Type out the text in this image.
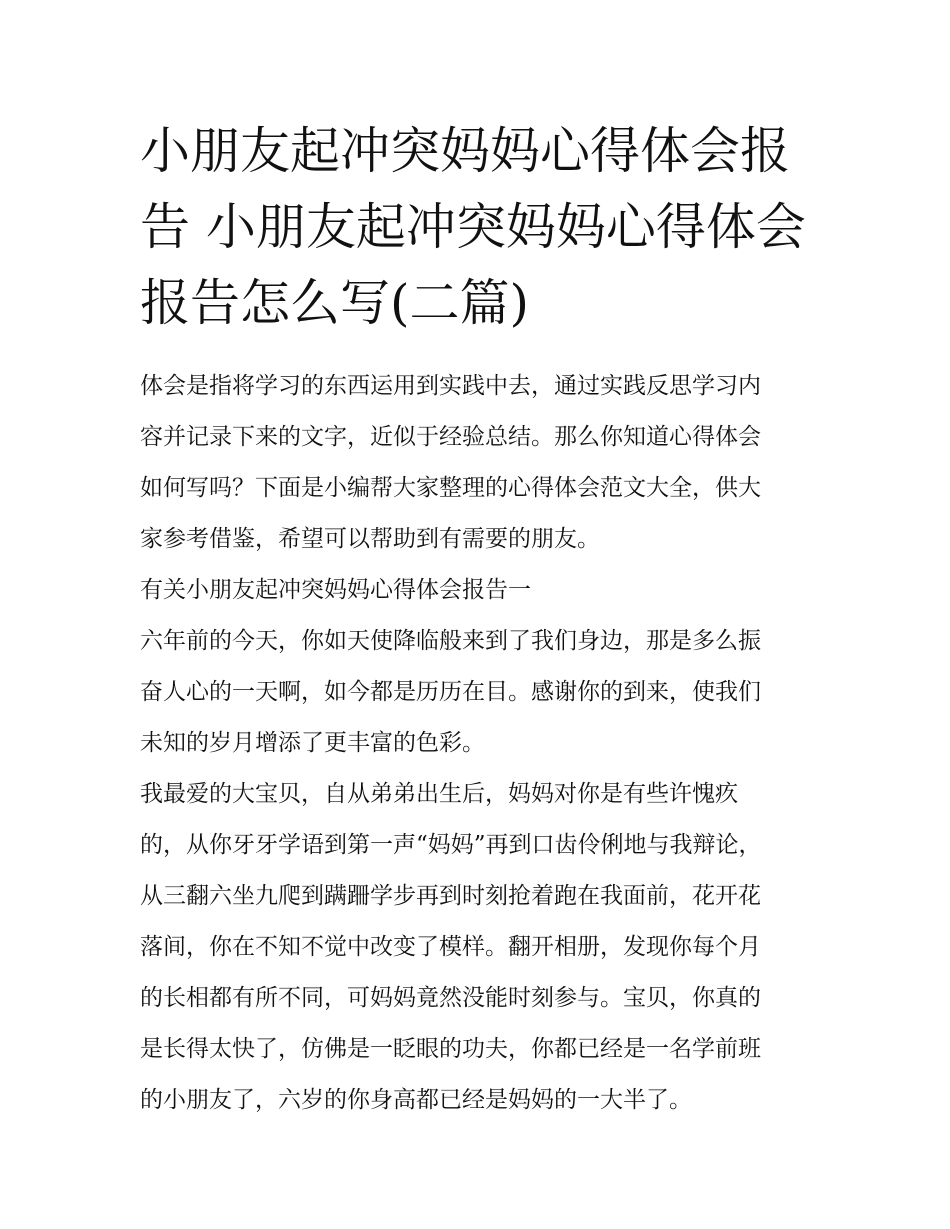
小朋友起冲突妈妈心得体会报
告 小朋友起冲突妈妈心得体会
报告怎么写(二篇)

体会是指将学习的东西运用到实践中去，通过实践反思学习内
容并记录下来的文字，近似于经验总结。那么你知道心得体会
如何写吗？下面是小编帮大家整理的心得体会范文大全，供大
家参考借鉴，希望可以帮助到有需要的朋友。

有关小朋友起冲突妈妈心得体会报告一

六年前的今天，你如天使降临般来到了我们身边，那是多么振
奋人心的一天啊，如今都是历历在目。感谢你的到来，使我们
未知的岁月增添了更丰富的色彩。

我最爱的大宝贝，自从弟弟出生后，妈妈对你是有些许愧疚
的，从你牙牙学语到第一声“妈妈”再到口齿伶俐地与我辩论，
从三翻六坐九爬到蹒跚学步再到时刻抢着跑在我面前，花开花
落间，你在不知不觉中改变了模样。翻开相册，发现你每个月
的长相都有所不同，可妈妈竟然没能时刻参与。宝贝，你真的
是长得太快了，仿佛是一眨眼的功夫，你都已经是一名学前班
的小朋友了，六岁的你身高都已经是妈妈的一大半了。
